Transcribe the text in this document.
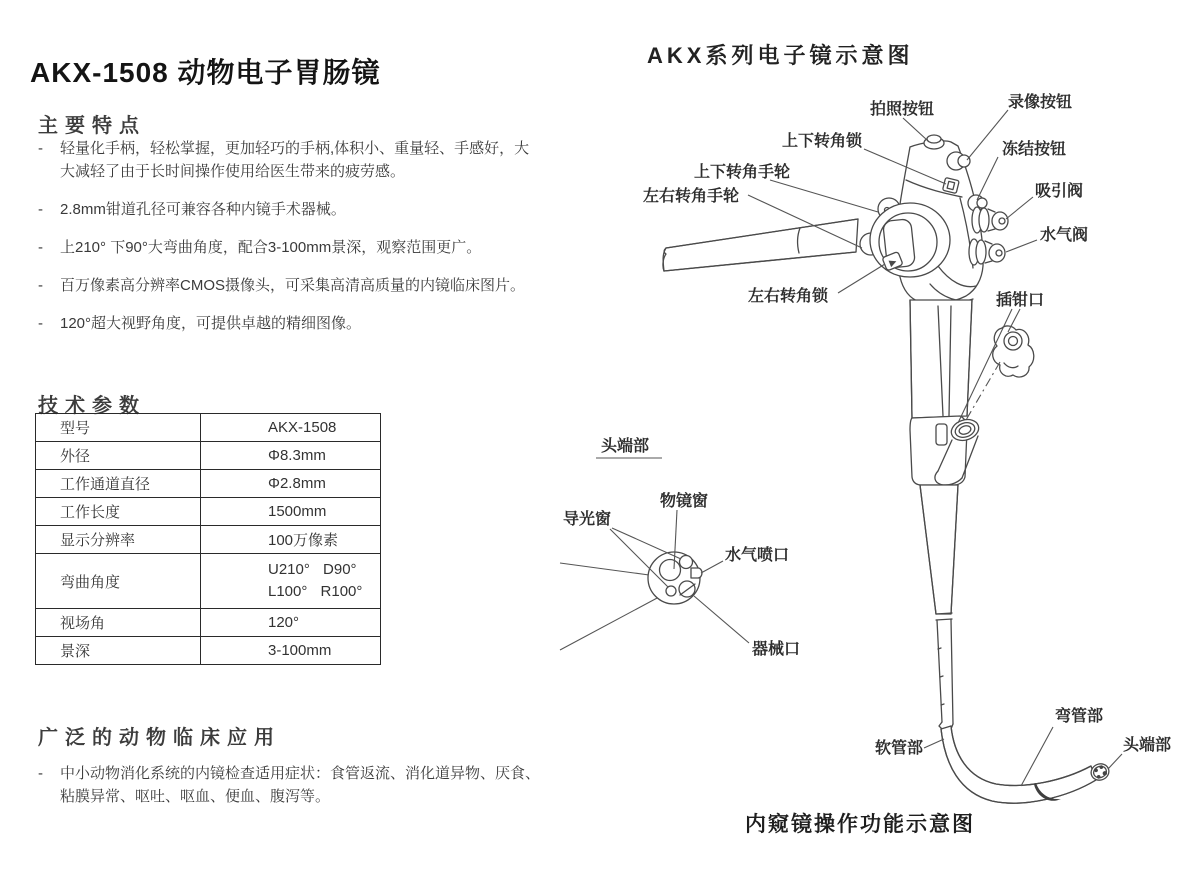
AKX-1508 动物电子胃肠镜
主要特点
- 轻量化手柄，轻松掌握，更加轻巧的手柄,体积小、重量轻、手感好，大大减轻了由于长时间操作使用给医生带来的疲劳感。
- 2.8mm钳道孔径可兼容各种内镜手术器械。
- 上210° 下90°大弯曲角度，配合3-100mm景深，观察范围更广。
- 百万像素高分辨率CMOS摄像头，可采集高清高质量的内镜临床图片。
- 120°超大视野角度，可提供卓越的精细图像。
技术参数
型号	AKX-1508
外径	Φ8.3mm
工作通道直径	Φ2.8mm
工作长度	1500mm
显示分辨率	100万像素
弯曲角度	U210° D90°
L100° R100°

视场角	120°
景深	3-100mm
广泛的动物临床应用
- 中小动物消化系统的内镜检查适用症状：食管返流、消化道异物、厌食、粘膜异常、呕吐、呕血、便血、腹泻等。
AKX系列电子镜示意图
拍照按钮	录像按钮
上下转角锁	冻结按钮
上下转角手轮
吸引阀
左右转角手轮
水气阀
左右转角锁	插钳口
头端部
物镜窗
导光窗
水气喷口
器械口
软管部
弯管部
头端部
内窥镜操作功能示意图
